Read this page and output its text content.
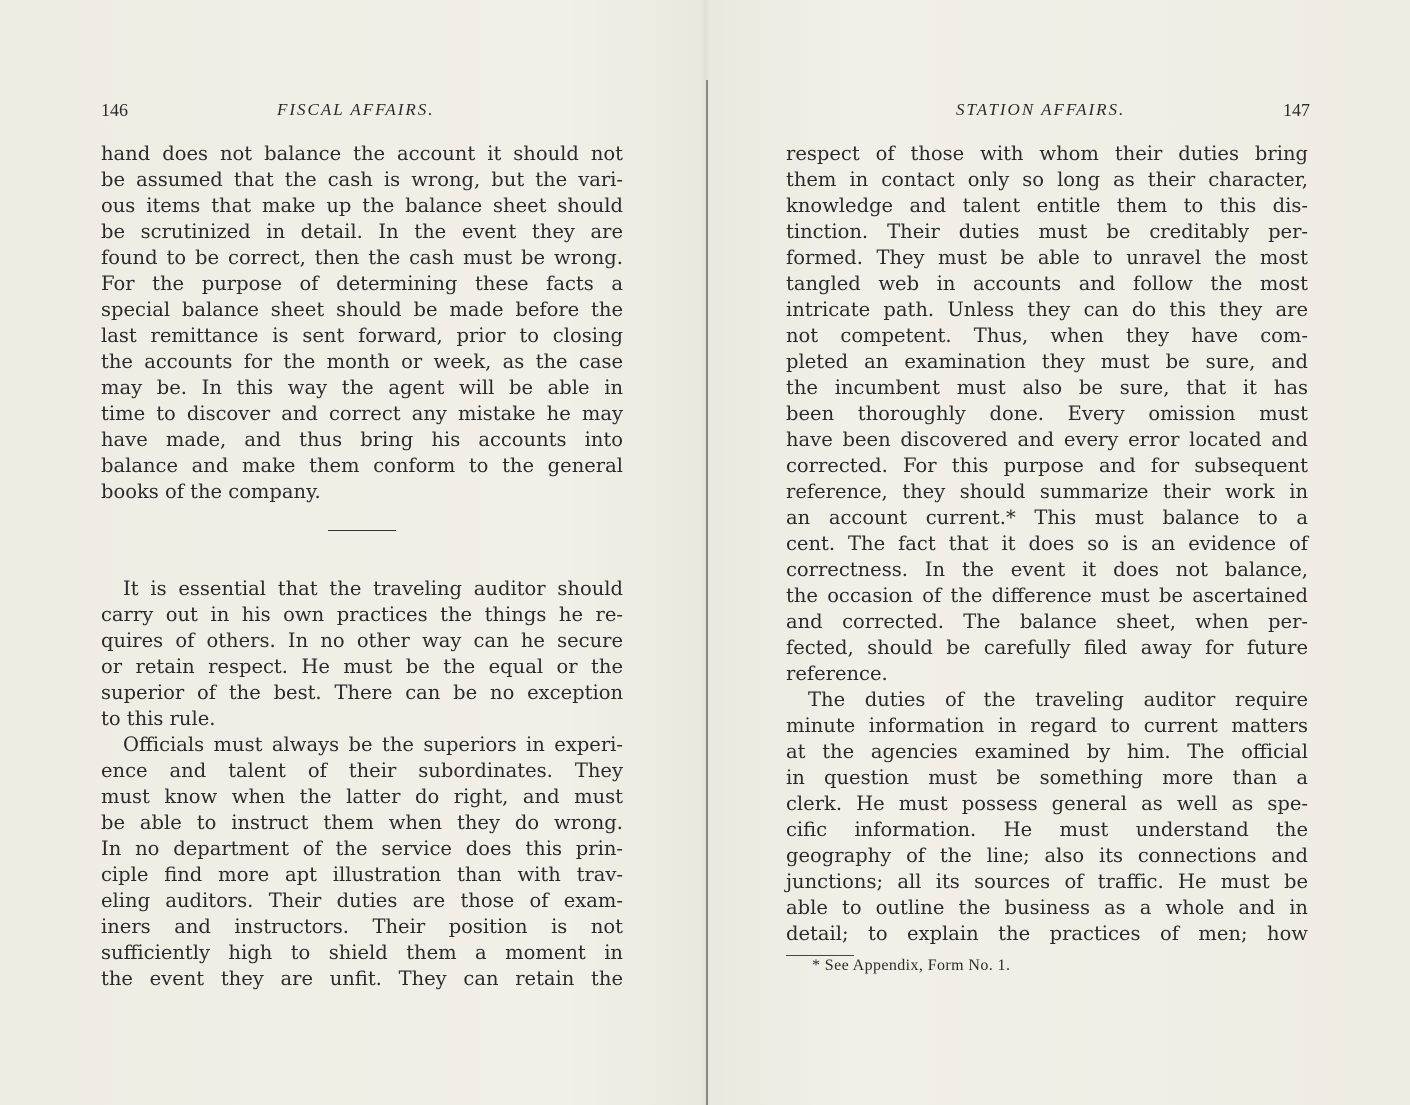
146	FISCAL AFFAIRS.
hand does not balance the account it should not
be assumed that the cash is wrong, but the vari-
ous items that make up the balance sheet should
be scrutinized in detail. In the event they are
found to be correct, then the cash must be wrong.
For the purpose of determining these facts a
special balance sheet should be made before the
last remittance is sent forward, prior to closing
the accounts for the month or week, as the case
may be. In this way the agent will be able in
time to discover and correct any mistake he may
have made, and thus bring his accounts into
balance and make them conform to the general
books of the company.
It is essential that the traveling auditor should
carry out in his own practices the things he re-
quires of others. In no other way can he secure
or retain respect. He must be the equal or the
superior of the best. There can be no exception
to this rule.
Officials must always be the superiors in experi-
ence and talent of their subordinates. They
must know when the latter do right, and must
be able to instruct them when they do wrong.
In no department of the service does this prin-
ciple find more apt illustration than with trav-
eling auditors. Their duties are those of exam-
iners and instructors. Their position is not
sufficiently high to shield them a moment in
the event they are unfit. They can retain the
STATION AFFAIRS.	147
respect of those with whom their duties bring
them in contact only so long as their character,
knowledge and talent entitle them to this dis-
tinction. Their duties must be creditably per-
formed. They must be able to unravel the most
tangled web in accounts and follow the most
intricate path. Unless they can do this they are
not competent. Thus, when they have com-
pleted an examination they must be sure, and
the incumbent must also be sure, that it has
been thoroughly done. Every omission must
have been discovered and every error located and
corrected. For this purpose and for subsequent
reference, they should summarize their work in
an account current.* This must balance to a
cent. The fact that it does so is an evidence of
correctness. In the event it does not balance,
the occasion of the difference must be ascertained
and corrected. The balance sheet, when per-
fected, should be carefully filed away for future
reference.
The duties of the traveling auditor require
minute information in regard to current matters
at the agencies examined by him. The official
in question must be something more than a
clerk. He must possess general as well as spe-
cific information. He must understand the
geography of the line; also its connections and
junctions; all its sources of traffic. He must be
able to outline the business as a whole and in
detail; to explain the practices of men; how
* See Appendix, Form No. 1.
